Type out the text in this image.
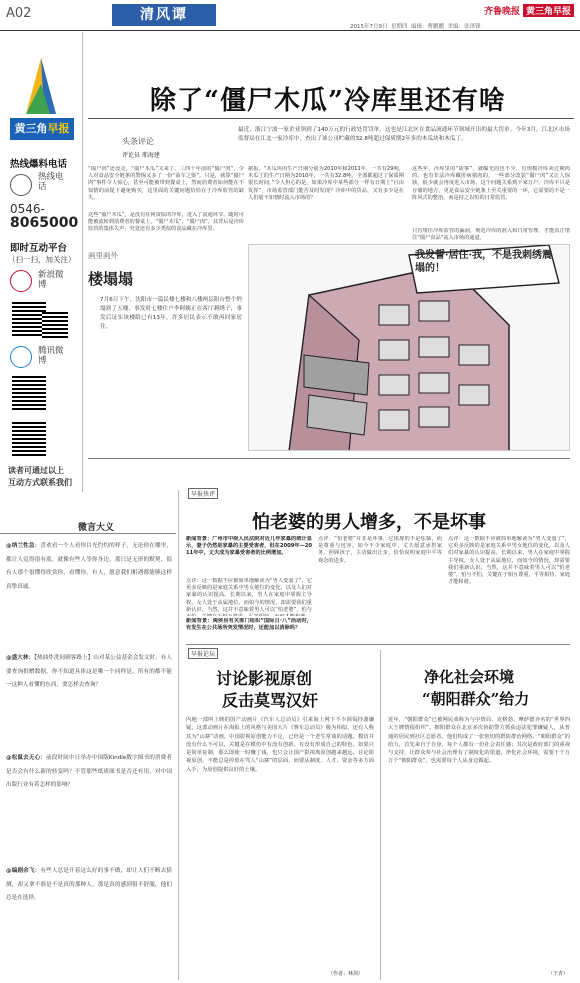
A02	清风谭	齐鲁晚报 黄三角早报
2015年7月9日 星期四 编辑：曹鹏鹏 美编：张泽锋
黄三角早报
热线爆料电话
热线电话
0546-
8065000
即时互动平台
（扫一扫，加关注）
新浪微博
腾讯微博
读者可通过以上
互动方式联系我们
除了“僵尸木瓜”冷库里还有啥
头条评论
评论员 邢海建
最近，浙江宁波一家企业领到了140万元的行政处罚罚单，这也是江北区在食品流通环节领域开出的最大罚单。今年3月，江北区市场监督局在江北一家冷库中，查出了该公司贮藏的32.8吨超过保质期2年多的木瓜块和木瓜丁。
“僵尸肉”还没走，“僵尸木瓜”又来了。三四十年前的“僵尸肉”，令人对食品安全链条的警惕又多了一份“前车之鉴”。只是，就算“僵尸肉”事件令人惊心，甚至可能被带到餐桌上，然而消费者如何能在不知情的前提下避免购买，这里面的关键问题恰恰在于冷库监管的缺失。
这些“僵尸木瓜”，是没有任何资质的冷库，进入了流通环节，随时可能被流转到消费者的餐桌上，“僵尸木瓜”，“僵尸肉”，其背后是冷库监管的集体失声，究竟还有多少类似的食品藏在冷库里。
据报，“木瓜块的生产日期分别为2010年和2011年，一共有29吨，木瓜丁的生产日期为2010年，一共有32.8吨，全部都超过了保质期很长时间。”令人担心的是，如果冷库中某些部分一样有日期上“自由发挥”，市场监管部门能否及时发现？冷库中的货品，又有多少是在人们毫不知情时流入市场的？
这些年，冷库里的“故事”，就曝光的也不少，有规模冷库卖过期肉的，也有非法冷库藏匿病猪肉的，一些部分改装“僵尸肉”又让人惊骇，很少就会再度进入市场，这个问题关系到千家万户。冷库不只是存储的地方，更是食品安全链条上至关重要的一环，它需要的不是一阵风式的整治，而是持之以恒的日常监管。
只有堵住冷库监管的漏洞，规范冷库的准入和日常管理，才能真正堵住“僵尸食品”流入市场的通道。
画里画外
楼塌塌
7月6日下午，沈阳市一篇民楼七楼和八楼两层阳台整个坍塌到了五楼，事发时七楼住户李阿姨正在客厅刺绣子，事发后证实该楼龄已有13年，许多居民表示不敢再回家居住。
我发誓·居住·我，不是我刺绣震塌的！
微言大义
@纳兰性急：喜欢看一个人看你目光灼灼的样子，无论你在哪里，都让人觉得很有底。就像有些人等你身边，那只是无形的默契，很有人那个很懂得欣赏你、看懂你。有人，愿意我们相遇都能够这样真挚真诚。
@盛大林：【热油炸洗间刺客路上】山对某公益基金会发文时，有人要查询捐赠数据，你不知道具体这是哪一个同样是，所有的都不能一这种人看懂的东西，要怎样去查询？
@松鼠去无心：前段时间中日举办中国版Kindle数字图书的消费者是否会有什么新的转变吗？不管那些纸质图书是否还有用，对中国出版行业有着怎样的影响？
@编剧余飞：有些人总是开着这么好的事不做，却让人们不断去猜测，却又拿不准是不是真的那种人。那是真的感到很不舒服，他们总是在选择。
早报快评
怕老婆的男人增多，不是坏事
新闻背景：广州市中级人民法院对近几年家暴的统计显示，妻子仍然是家暴的主要受害者，但在2009年—2011年中，丈夫成为家暴受害者的比例增加。
点评：这一数据不应被简单地解读为“男人变弱了”，它更多反映的是家庭关系中男女地位的变化，以及人们对家暴的认识提高。长期以来，男人在家庭中掌握主导权，女人处于从属地位，而如今的情况，却需要我们重新认识。当然，这并不意味着男人可以“怕老婆”，怕与
新闻背景：闽侯县有关部门组织“国际日·八”活动时，有发生在公共场所突发情况时，还能加以消除吗？
点评：“怕老婆”并非是坏事，它体现的不是怯懦，而是尊重与包容。如今不少家庭中，丈夫愿意承担家务、照顾孩子，主动做出让步，恰恰说明家庭中平等观念的进步。
点评：这一数据不应被简单地解读为“男人变弱了”，它更多反映的是家庭关系中男女地位的变化，以及人们对家暴的认识提高。长期以来，男人在家庭中掌握主导权，女人处于从属地位，而如今的情况，却需要我们重新认识。当然，这并不意味着男人可以“怕老婆”，怕与不怕，关键在于相互尊重，平等相待，家庭才能和谐。
早报论坛
讨论影视原创
反击莫骂汉奸
内地一部叫上映的国产动画片《汽车人总动员》引来海上网下不少调侃抄袭嫌疑。这部动画片在海报上的风格与美国大片《赛车总动员》极为相似，还有人称其为“山寨”动画。中国影视原创能力不足，已经是一个老生常谈的话题。模仿并没有什么不可以，关键是在模仿中有没有创新，有没有形成自己的特色。如果只是简单复制，那么即使一时赚了钱，也只会让国产影视离原创越来越远。讨论影视原创，不能总是停留在骂人“山寨”的层面，而要从制度、人才、资金等多方面入手，为原创提供良好的土壤。
（作者：林剑）
净化社会环境
“朝阳群众”给力
近年，“朝阳群众”已被网民戏称为与中情局、克格勃、摩萨德齐名的“世界四大王牌情报组织”。朝阳群众在北京多次协助警方抓获违法犯罪嫌疑人，从普通的居民到社区志愿者，他们构成了一张密切的群防群治网络。“朝阳群众”的给力，首先来自于自身，每个人都有一份社会责任感；其次是政府部门的重视与支持，让群众参与社会治理有了制度化的渠道。净化社会环境，需要千千万万个“朝阳群众”，也需要每个人从身边做起。
（王青）
